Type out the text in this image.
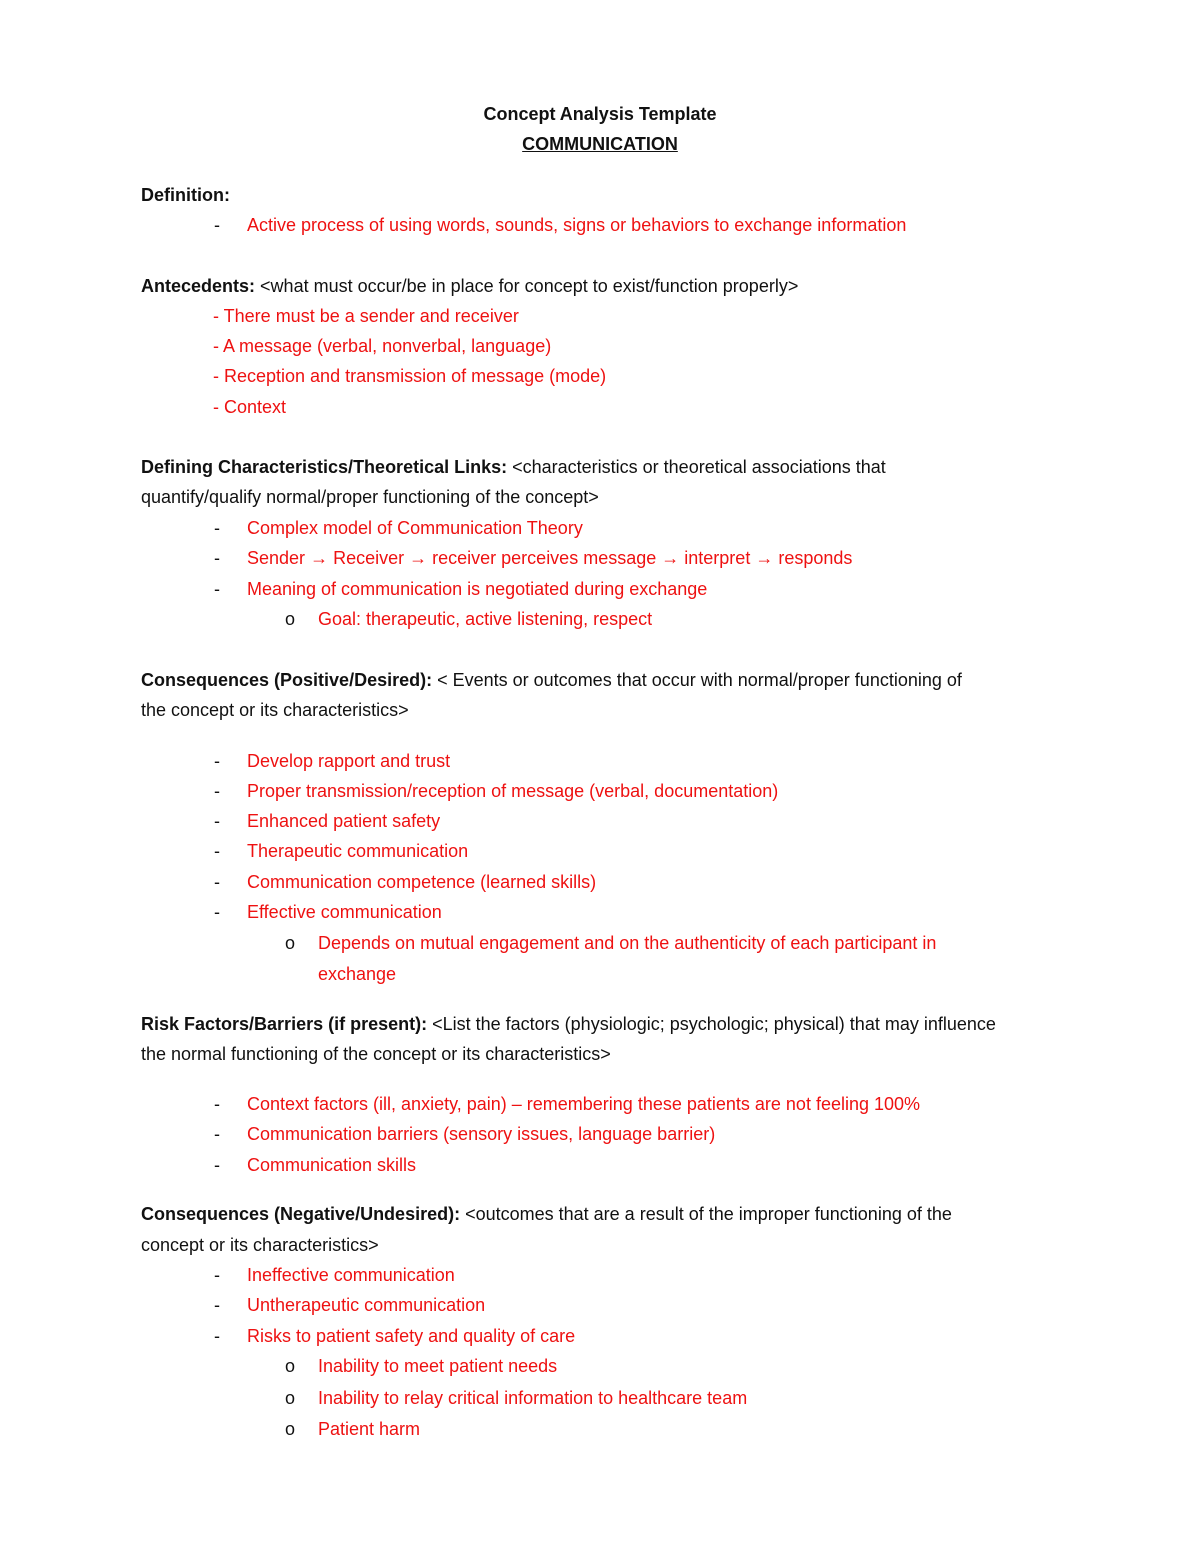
Concept Analysis Template
COMMUNICATION
Definition:
- Active process of using words, sounds, signs or behaviors to exchange information
Antecedents: <what must occur/be in place for concept to exist/function properly>
- There must be a sender and receiver
- A message (verbal, nonverbal, language)
- Reception and transmission of message (mode)
- Context
Defining Characteristics/Theoretical Links: <characteristics or theoretical associations that
quantify/qualify normal/proper functioning of the concept>
- Complex model of Communication Theory
- Sender → Receiver → receiver perceives message → interpret → responds
- Meaning of communication is negotiated during exchange
o Goal: therapeutic, active listening, respect
Consequences (Positive/Desired): < Events or outcomes that occur with normal/proper functioning of
the concept or its characteristics>
- Develop rapport and trust
- Proper transmission/reception of message (verbal, documentation)
- Enhanced patient safety
- Therapeutic communication
- Communication competence (learned skills)
- Effective communication
o Depends on mutual engagement and on the authenticity of each participant in
exchange
Risk Factors/Barriers (if present): <List the factors (physiologic; psychologic; physical) that may influence
the normal functioning of the concept or its characteristics>
- Context factors (ill, anxiety, pain) – remembering these patients are not feeling 100%
- Communication barriers (sensory issues, language barrier)
- Communication skills
Consequences (Negative/Undesired): <outcomes that are a result of the improper functioning of the
concept or its characteristics>
- Ineffective communication
- Untherapeutic communication
- Risks to patient safety and quality of care
o Inability to meet patient needs
o Inability to relay critical information to healthcare team
o Patient harm
